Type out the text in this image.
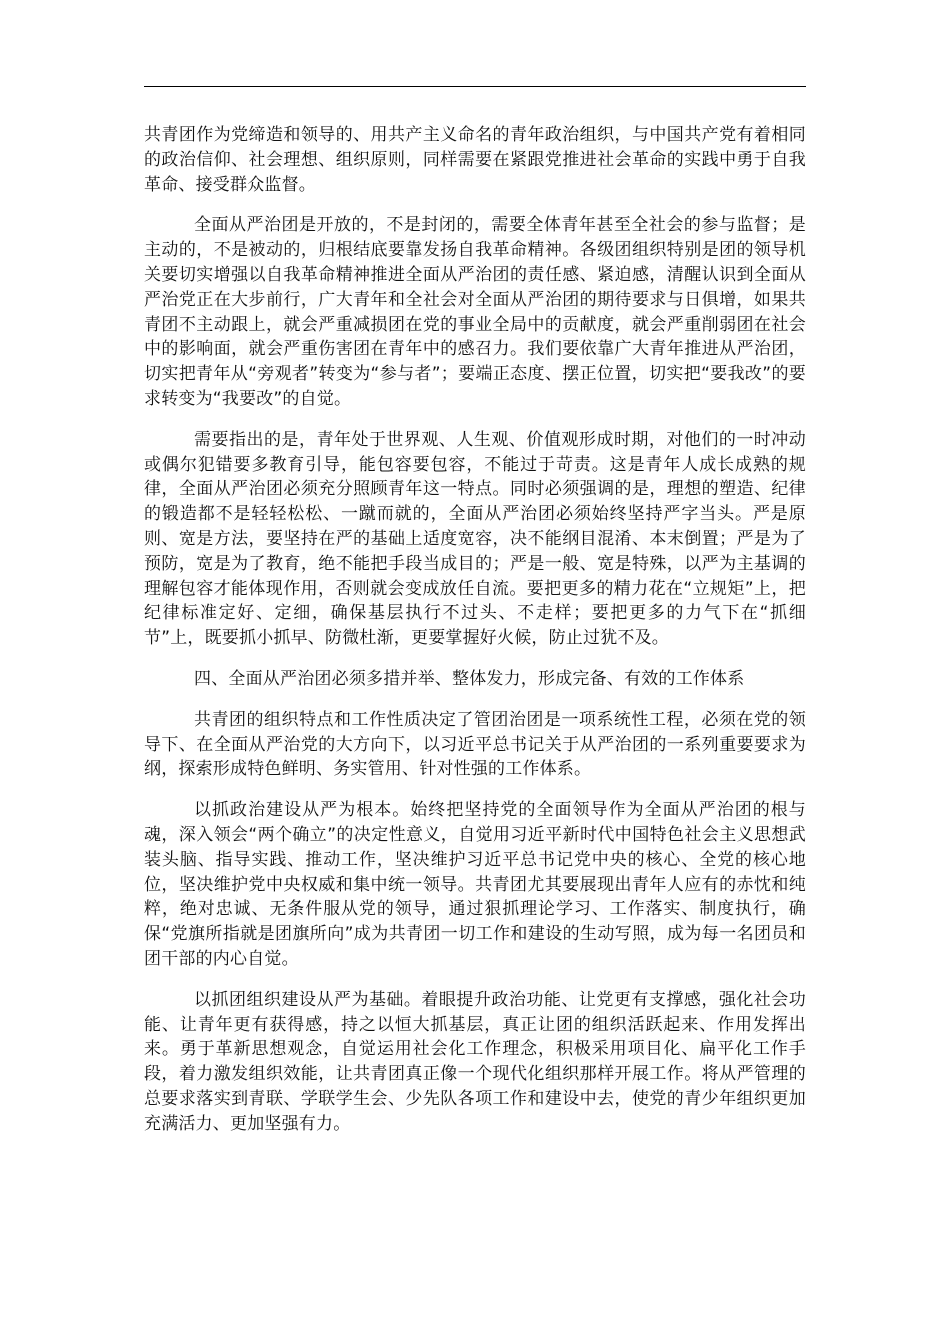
共青团作为党缔造和领导的、用共产主义命名的青年政治组织，与中国共产党有着相同的政治信仰、社会理想、组织原则，同样需要在紧跟党推进社会革命的实践中勇于自我革命、接受群众监督。

全面从严治团是开放的，不是封闭的，需要全体青年甚至全社会的参与监督；是主动的，不是被动的，归根结底要靠发扬自我革命精神。各级团组织特别是团的领导机关要切实增强以自我革命精神推进全面从严治团的责任感、紧迫感，清醒认识到全面从严治党正在大步前行，广大青年和全社会对全面从严治团的期待要求与日俱增，如果共青团不主动跟上，就会严重减损团在党的事业全局中的贡献度，就会严重削弱团在社会中的影响面，就会严重伤害团在青年中的感召力。我们要依靠广大青年推进从严治团，切实把青年从“旁观者”转变为“参与者”；要端正态度、摆正位置，切实把“要我改”的要求转变为“我要改”的自觉。

需要指出的是，青年处于世界观、人生观、价值观形成时期，对他们的一时冲动或偶尔犯错要多教育引导，能包容要包容，不能过于苛责。这是青年人成长成熟的规律，全面从严治团必须充分照顾青年这一特点。同时必须强调的是，理想的塑造、纪律的锻造都不是轻轻松松、一蹴而就的，全面从严治团必须始终坚持严字当头。严是原则、宽是方法，要坚持在严的基础上适度宽容，决不能纲目混淆、本末倒置；严是为了预防，宽是为了教育，绝不能把手段当成目的；严是一般、宽是特殊，以严为主基调的理解包容才能体现作用，否则就会变成放任自流。要把更多的精力花在“立规矩”上，把纪律标准定好、定细，确保基层执行不过头、不走样；要把更多的力气下在“抓细节”上，既要抓小抓早、防微杜渐，更要掌握好火候，防止过犹不及。

四、全面从严治团必须多措并举、整体发力，形成完备、有效的工作体系

共青团的组织特点和工作性质决定了管团治团是一项系统性工程，必须在党的领导下、在全面从严治党的大方向下，以习近平总书记关于从严治团的一系列重要要求为纲，探索形成特色鲜明、务实管用、针对性强的工作体系。

以抓政治建设从严为根本。始终把坚持党的全面领导作为全面从严治团的根与魂，深入领会“两个确立”的决定性意义，自觉用习近平新时代中国特色社会主义思想武装头脑、指导实践、推动工作，坚决维护习近平总书记党中央的核心、全党的核心地位，坚决维护党中央权威和集中统一领导。共青团尤其要展现出青年人应有的赤忱和纯粹，绝对忠诚、无条件服从党的领导，通过狠抓理论学习、工作落实、制度执行，确保“党旗所指就是团旗所向”成为共青团一切工作和建设的生动写照，成为每一名团员和团干部的内心自觉。

以抓团组织建设从严为基础。着眼提升政治功能、让党更有支撑感，强化社会功能、让青年更有获得感，持之以恒大抓基层，真正让团的组织活跃起来、作用发挥出来。勇于革新思想观念，自觉运用社会化工作理念，积极采用项目化、扁平化工作手段，着力激发组织效能，让共青团真正像一个现代化组织那样开展工作。将从严管理的总要求落实到青联、学联学生会、少先队各项工作和建设中去，使党的青少年组织更加充满活力、更加坚强有力。
